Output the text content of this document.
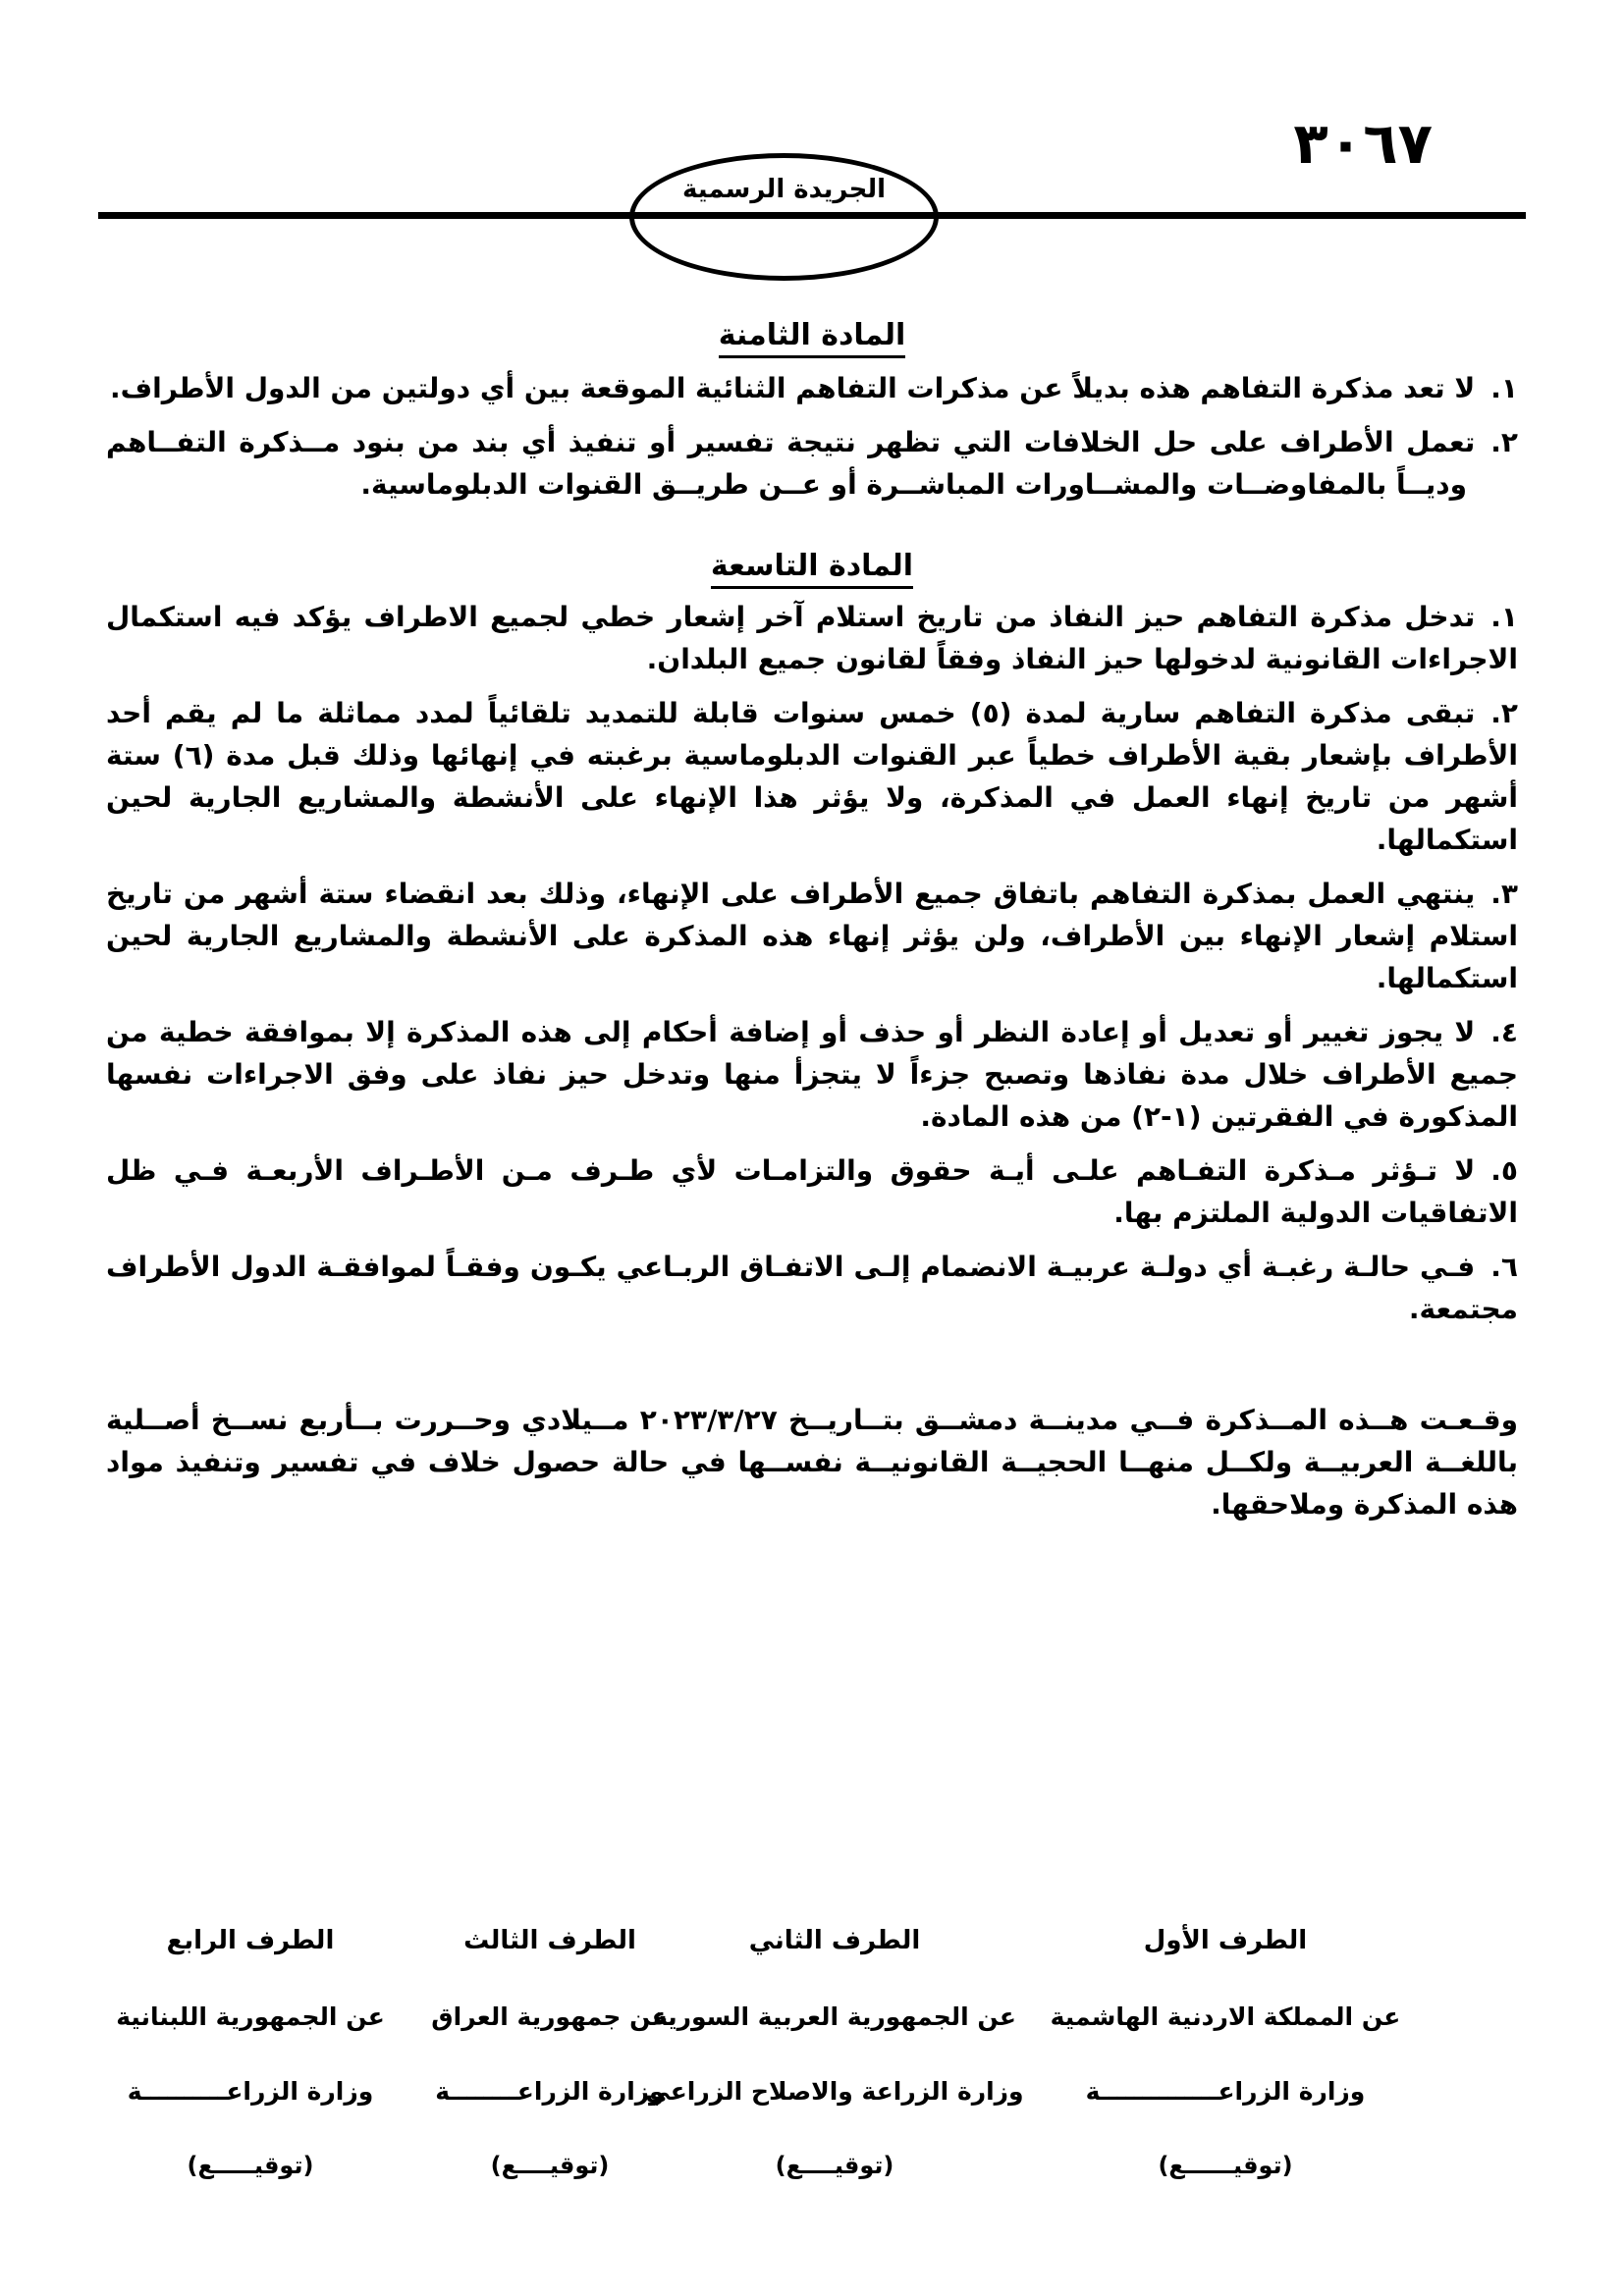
٣٠٦٧
الجريدة الرسمية
المادة الثامنة
١.لا تعد مذكرة التفاهم هذه بديلاً عن مذكرات التفاهم الثنائية الموقعة بين أي دولتين من الدول الأطراف.
٢.تعمل الأطراف على حل الخلافات التي تظهر نتيجة تفسير أو تنفيذ أي بند من بنود مــذكرة التفــاهم وديــاً بالمفاوضــات والمشــاورات المباشــرة أو عــن طريــق القنوات الدبلوماسية.
المادة التاسعة
١.تدخل مذكرة التفاهم حيز النفاذ من تاريخ استلام آخر إشعار خطي لجميع الاطراف يؤكد فيه استكمال الاجراءات القانونية لدخولها حيز النفاذ وفقاً لقانون جميع البلدان.
٢.تبقى مذكرة التفاهم سارية لمدة (٥) خمس سنوات قابلة للتمديد تلقائياً لمدد مماثلة ما لم يقم أحد الأطراف بإشعار بقية الأطراف خطياً عبر القنوات الدبلوماسية برغبته في إنهائها وذلك قبل مدة (٦) ستة أشهر من تاريخ إنهاء العمل في المذكرة، ولا يؤثر هذا الإنهاء على الأنشطة والمشاريع الجارية لحين استكمالها.
٣.ينتهي العمل بمذكرة التفاهم باتفاق جميع الأطراف على الإنهاء، وذلك بعد انقضاء ستة أشهر من تاريخ استلام إشعار الإنهاء بين الأطراف، ولن يؤثر إنهاء هذه المذكرة على الأنشطة والمشاريع الجارية لحين استكمالها.
٤.لا يجوز تغيير أو تعديل أو إعادة النظر أو حذف أو إضافة أحكام إلى هذه المذكرة إلا بموافقة خطية من جميع الأطراف خلال مدة نفاذها وتصبح جزءاً لا يتجزأ منها وتدخل حيز نفاذ على وفق الاجراءات نفسها المذكورة في الفقرتين (١-٢) من هذه المادة.
٥.لا تـؤثر مـذكرة التفـاهم علـى أيـة حقوق والتزامـات لأي طـرف مـن الأطـراف الأربعـة فـي ظل الاتفاقيات الدولية الملتزم بها.
٦.فـي حالـة رغبـة أي دولـة عربيـة الانضمام إلـى الاتفـاق الربـاعي يكـون وفقـاً لموافقـة الدول الأطراف مجتمعة.

وقـعـت هــذه المــذكرة فــي مدينــة دمشــق بتــاريــخ ٢٠٢٣/٣/٢٧ مــيلادي وحــررت بــأربع نســخ أصــلية باللغــة العربيــة ولكــل منهــا الحجيــة القانونيــة نفســها في حالة حصول خلاف في تفسير وتنفيذ مواد هذه المذكرة وملاحقها.

الطرف الأول
عن المملكة الاردنية الهاشمية
وزارة الزراعــــــــــــــة
(توقيــــــع)
الطرف الثاني
عن الجمهورية العربية السورية
وزارة الزراعة والاصلاح الزراعي
(توقيــــع)
الطرف الثالث
عن جمهورية العراق
وزارة الزراعــــــــة
(توقيــــع)
الطرف الرابع
عن الجمهورية اللبنانية
وزارة الزراعــــــــــة
(توقيـــــع)
